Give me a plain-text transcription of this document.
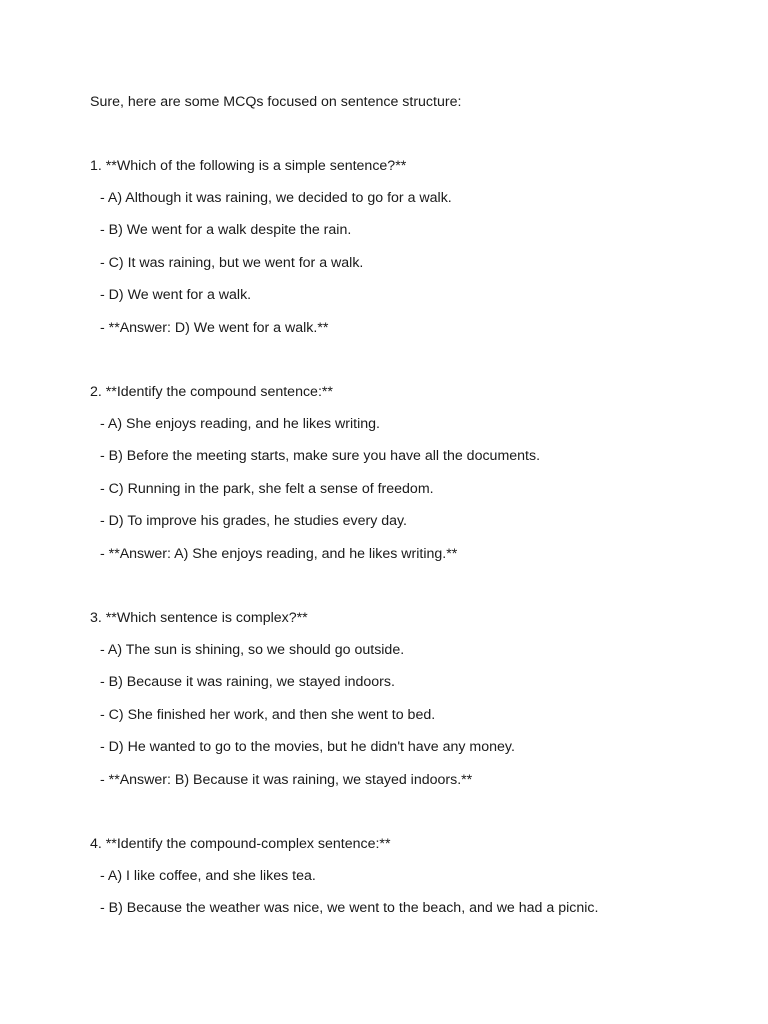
Sure, here are some MCQs focused on sentence structure:
1. **Which of the following is a simple sentence?**
- A) Although it was raining, we decided to go for a walk.
- B) We went for a walk despite the rain.
- C) It was raining, but we went for a walk.
- D) We went for a walk.
- **Answer: D) We went for a walk.**
2. **Identify the compound sentence:**
- A) She enjoys reading, and he likes writing.
- B) Before the meeting starts, make sure you have all the documents.
- C) Running in the park, she felt a sense of freedom.
- D) To improve his grades, he studies every day.
- **Answer: A) She enjoys reading, and he likes writing.**
3. **Which sentence is complex?**
- A) The sun is shining, so we should go outside.
- B) Because it was raining, we stayed indoors.
- C) She finished her work, and then she went to bed.
- D) He wanted to go to the movies, but he didn't have any money.
- **Answer: B) Because it was raining, we stayed indoors.**
4. **Identify the compound-complex sentence:**
- A) I like coffee, and she likes tea.
- B) Because the weather was nice, we went to the beach, and we had a picnic.
